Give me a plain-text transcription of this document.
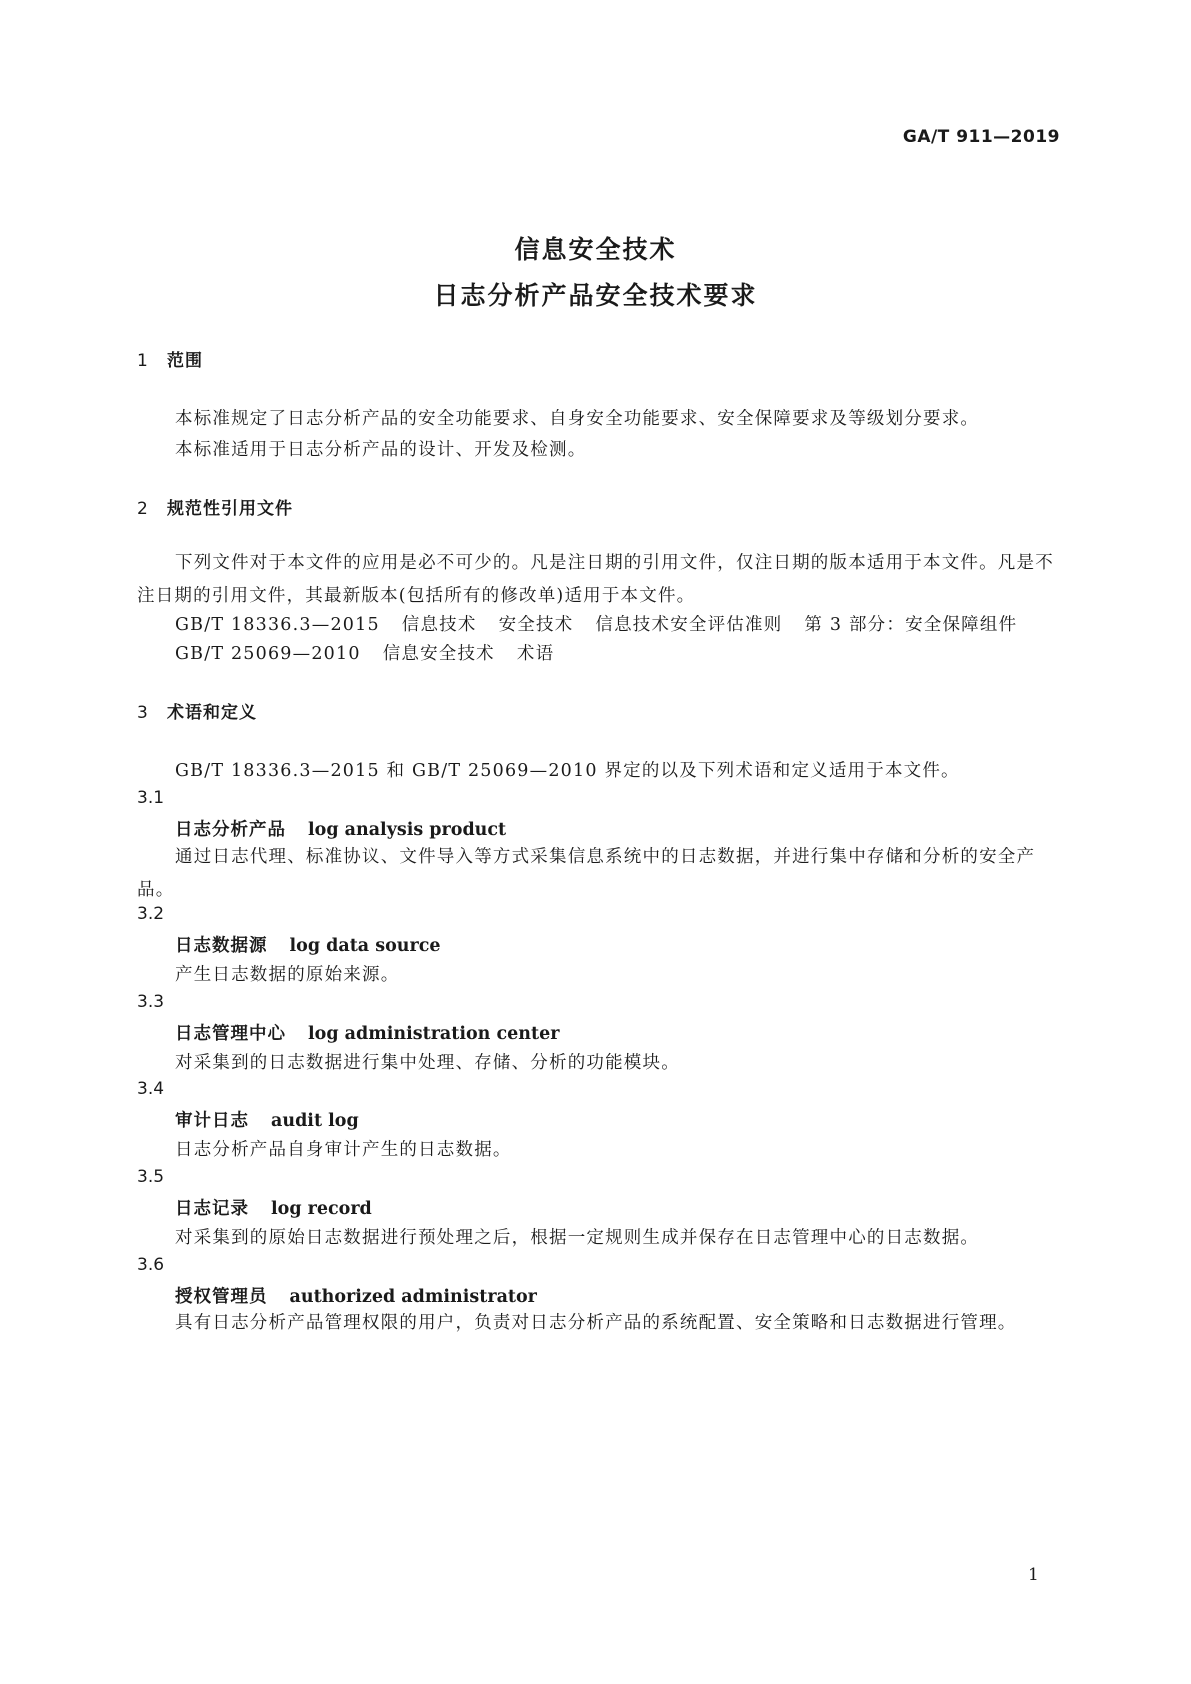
GA/T 911—2019
信息安全技术
日志分析产品安全技术要求
1 范围
本标准规定了日志分析产品的安全功能要求、自身安全功能要求、安全保障要求及等级划分要求。
本标准适用于日志分析产品的设计、开发及检测。
2 规范性引用文件
下列文件对于本文件的应用是必不可少的。凡是注日期的引用文件，仅注日期的版本适用于本文件。凡是不注日期的引用文件，其最新版本(包括所有的修改单)适用于本文件。
GB/T 18336.3—2015 信息技术 安全技术 信息技术安全评估准则 第 3 部分：安全保障组件
GB/T 25069—2010 信息安全技术 术语
3 术语和定义
GB/T 18336.3—2015 和 GB/T 25069—2010 界定的以及下列术语和定义适用于本文件。
3.1
日志分析产品 log analysis product
通过日志代理、标准协议、文件导入等方式采集信息系统中的日志数据，并进行集中存储和分析的安全产品。
3.2
日志数据源 log data source
产生日志数据的原始来源。
3.3
日志管理中心 log administration center
对采集到的日志数据进行集中处理、存储、分析的功能模块。
3.4
审计日志 audit log
日志分析产品自身审计产生的日志数据。
3.5
日志记录 log record
对采集到的原始日志数据进行预处理之后，根据一定规则生成并保存在日志管理中心的日志数据。
3.6
授权管理员 authorized administrator
具有日志分析产品管理权限的用户，负责对日志分析产品的系统配置、安全策略和日志数据进行管理。
1
